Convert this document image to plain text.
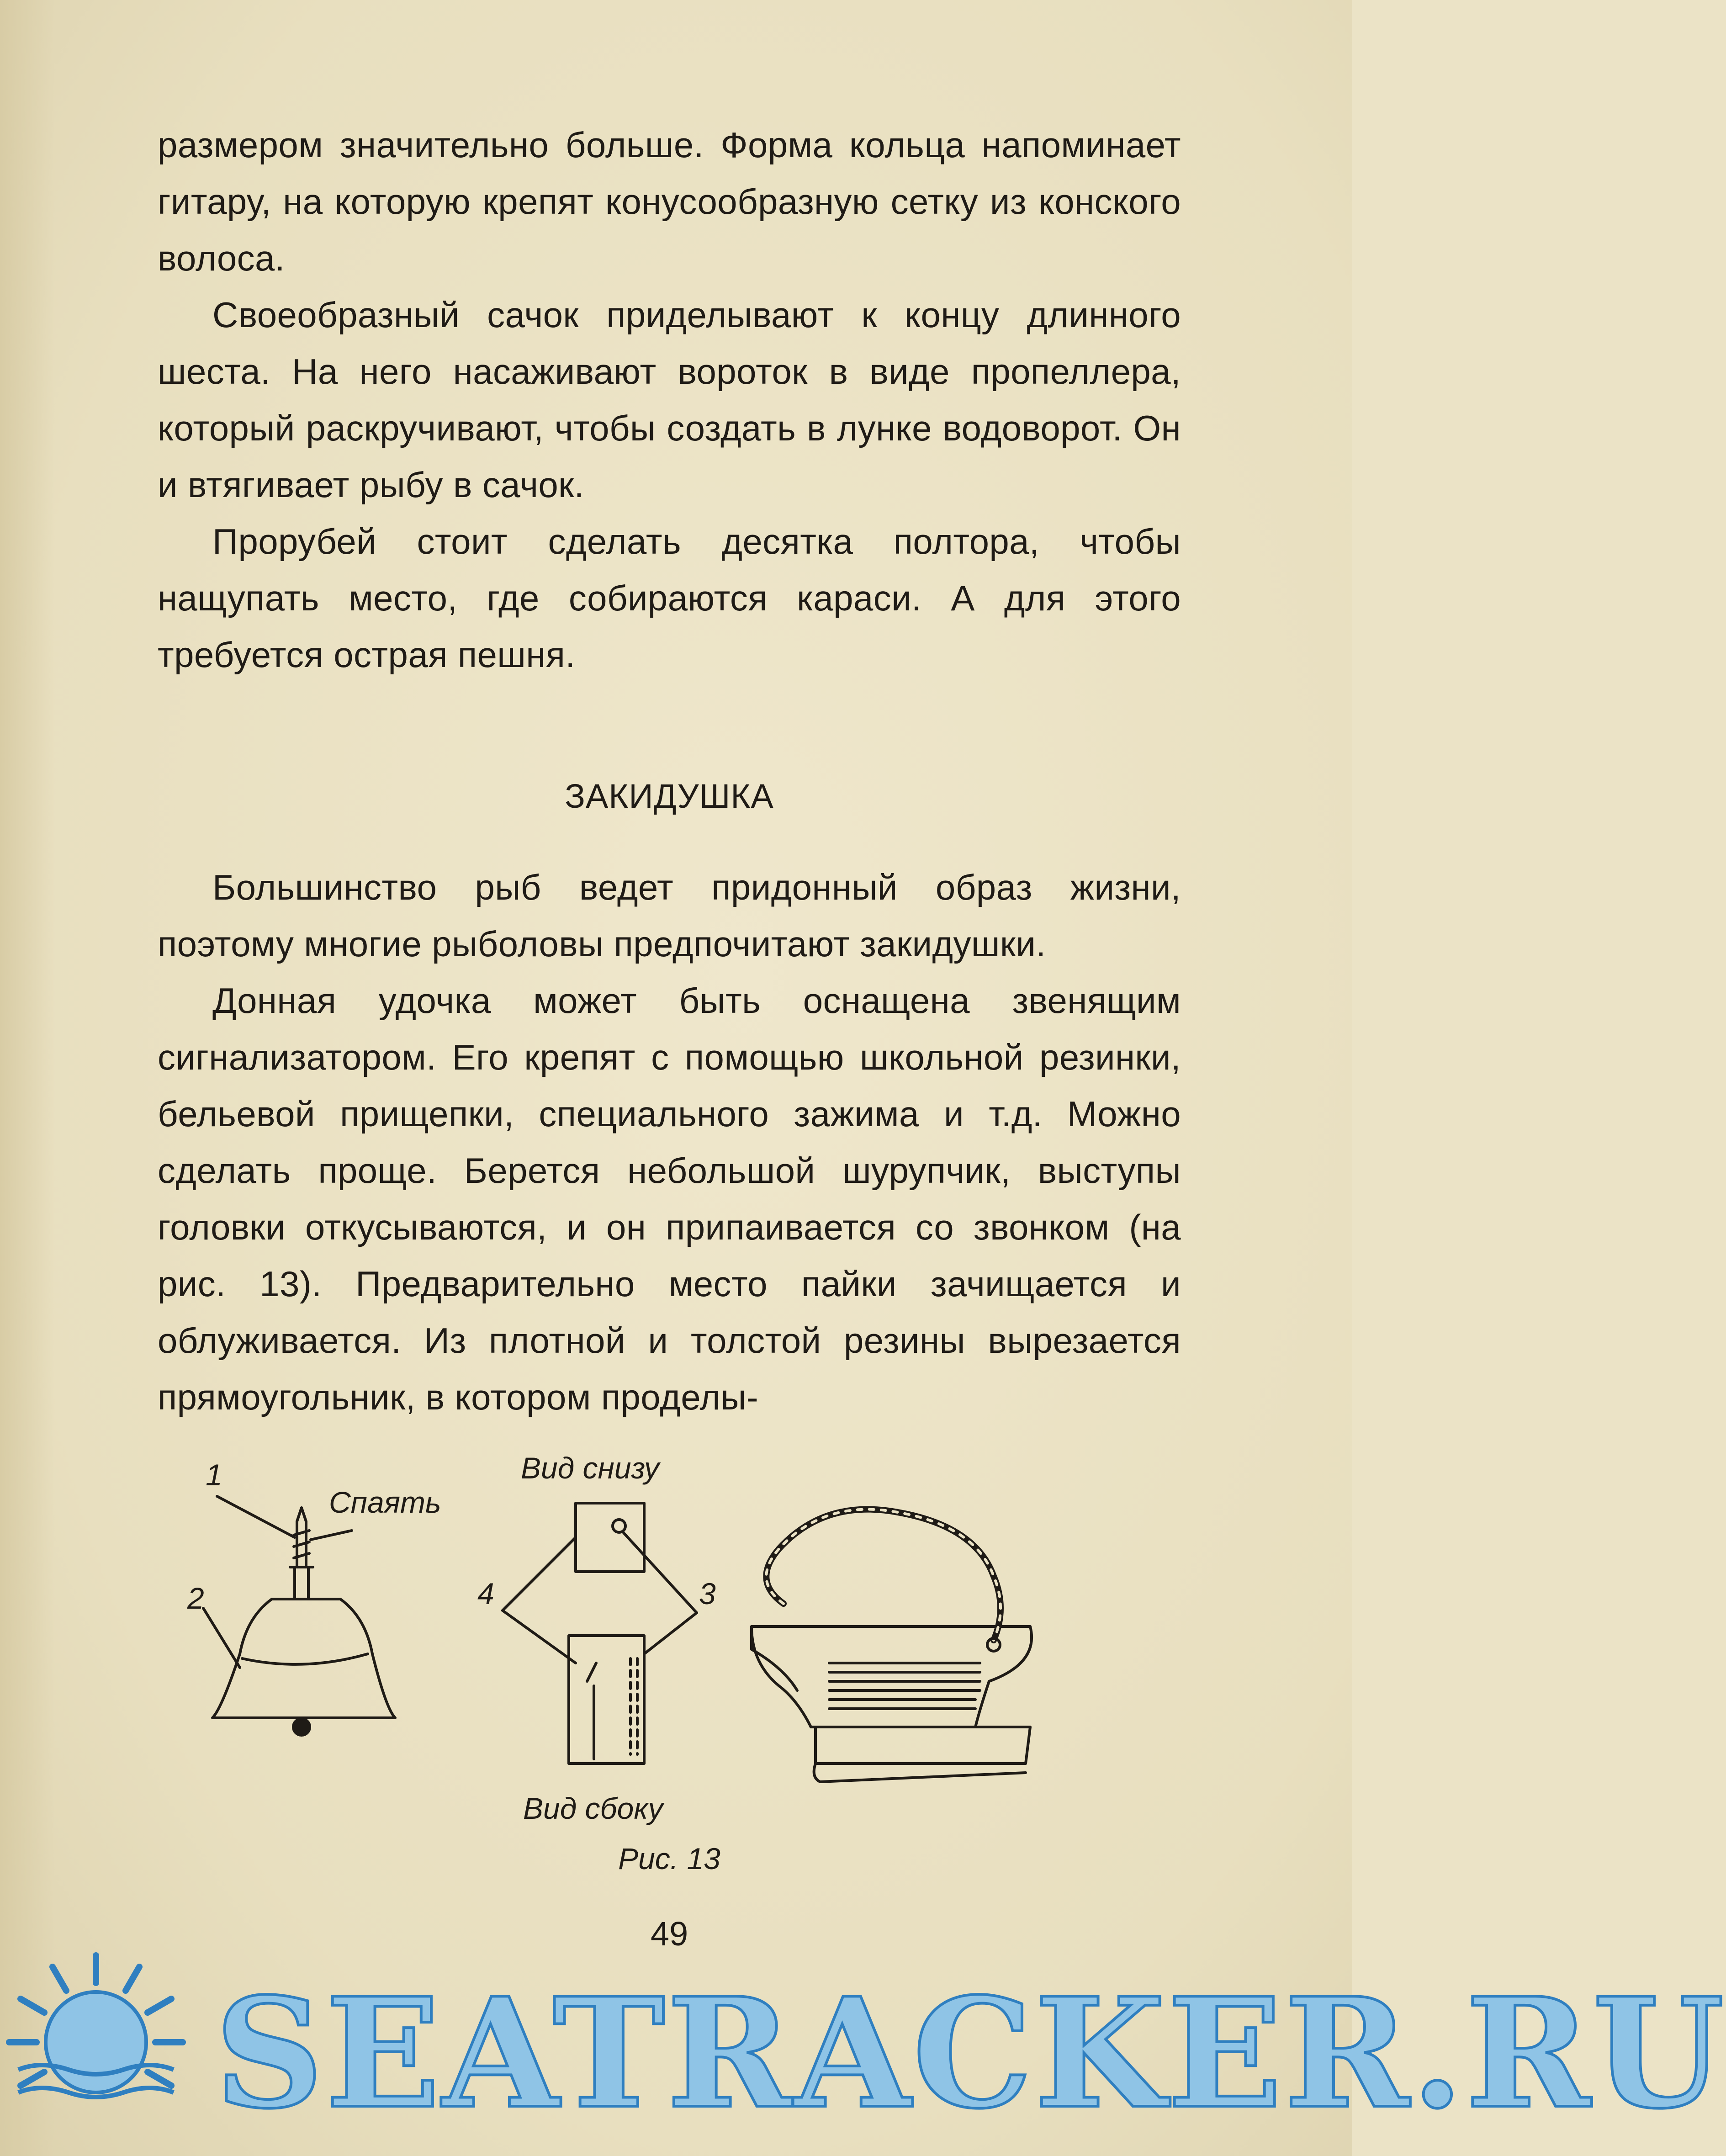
размером значительно больше. Форма кольца напоминает гитару, на которую крепят конусообразную сетку из конского волоса.

Своеобразный сачок приделывают к концу длинного шеста. На него насаживают вороток в виде пропеллера, который раскручивают, чтобы создать в лунке водоворот. Он и втягивает рыбу в сачок.

Прорубей стоит сделать десятка полтора, чтобы нащупать место, где собираются караси. А для этого требуется острая пешня.

ЗАКИДУШКА

Большинство рыб ведет придонный образ жизни, поэтому многие рыболовы предпочитают закидушки.

Донная удочка может быть оснащена звенящим сигнализатором. Его крепят с помощью школьной резинки, бельевой прищепки, специального зажима и т.д. Можно сделать проще. Берется небольшой шурупчик, выступы головки откусываются, и он припаивается со звонком (на рис. 13). Предварительно место пайки зачищается и облуживается. Из плотной и толстой резины вырезается прямоугольник, в котором проделы-

1
Спаять
2
Вид снизу
4	3
Вид сбоку
Рис. 13
49
SEATRACKER.RU
